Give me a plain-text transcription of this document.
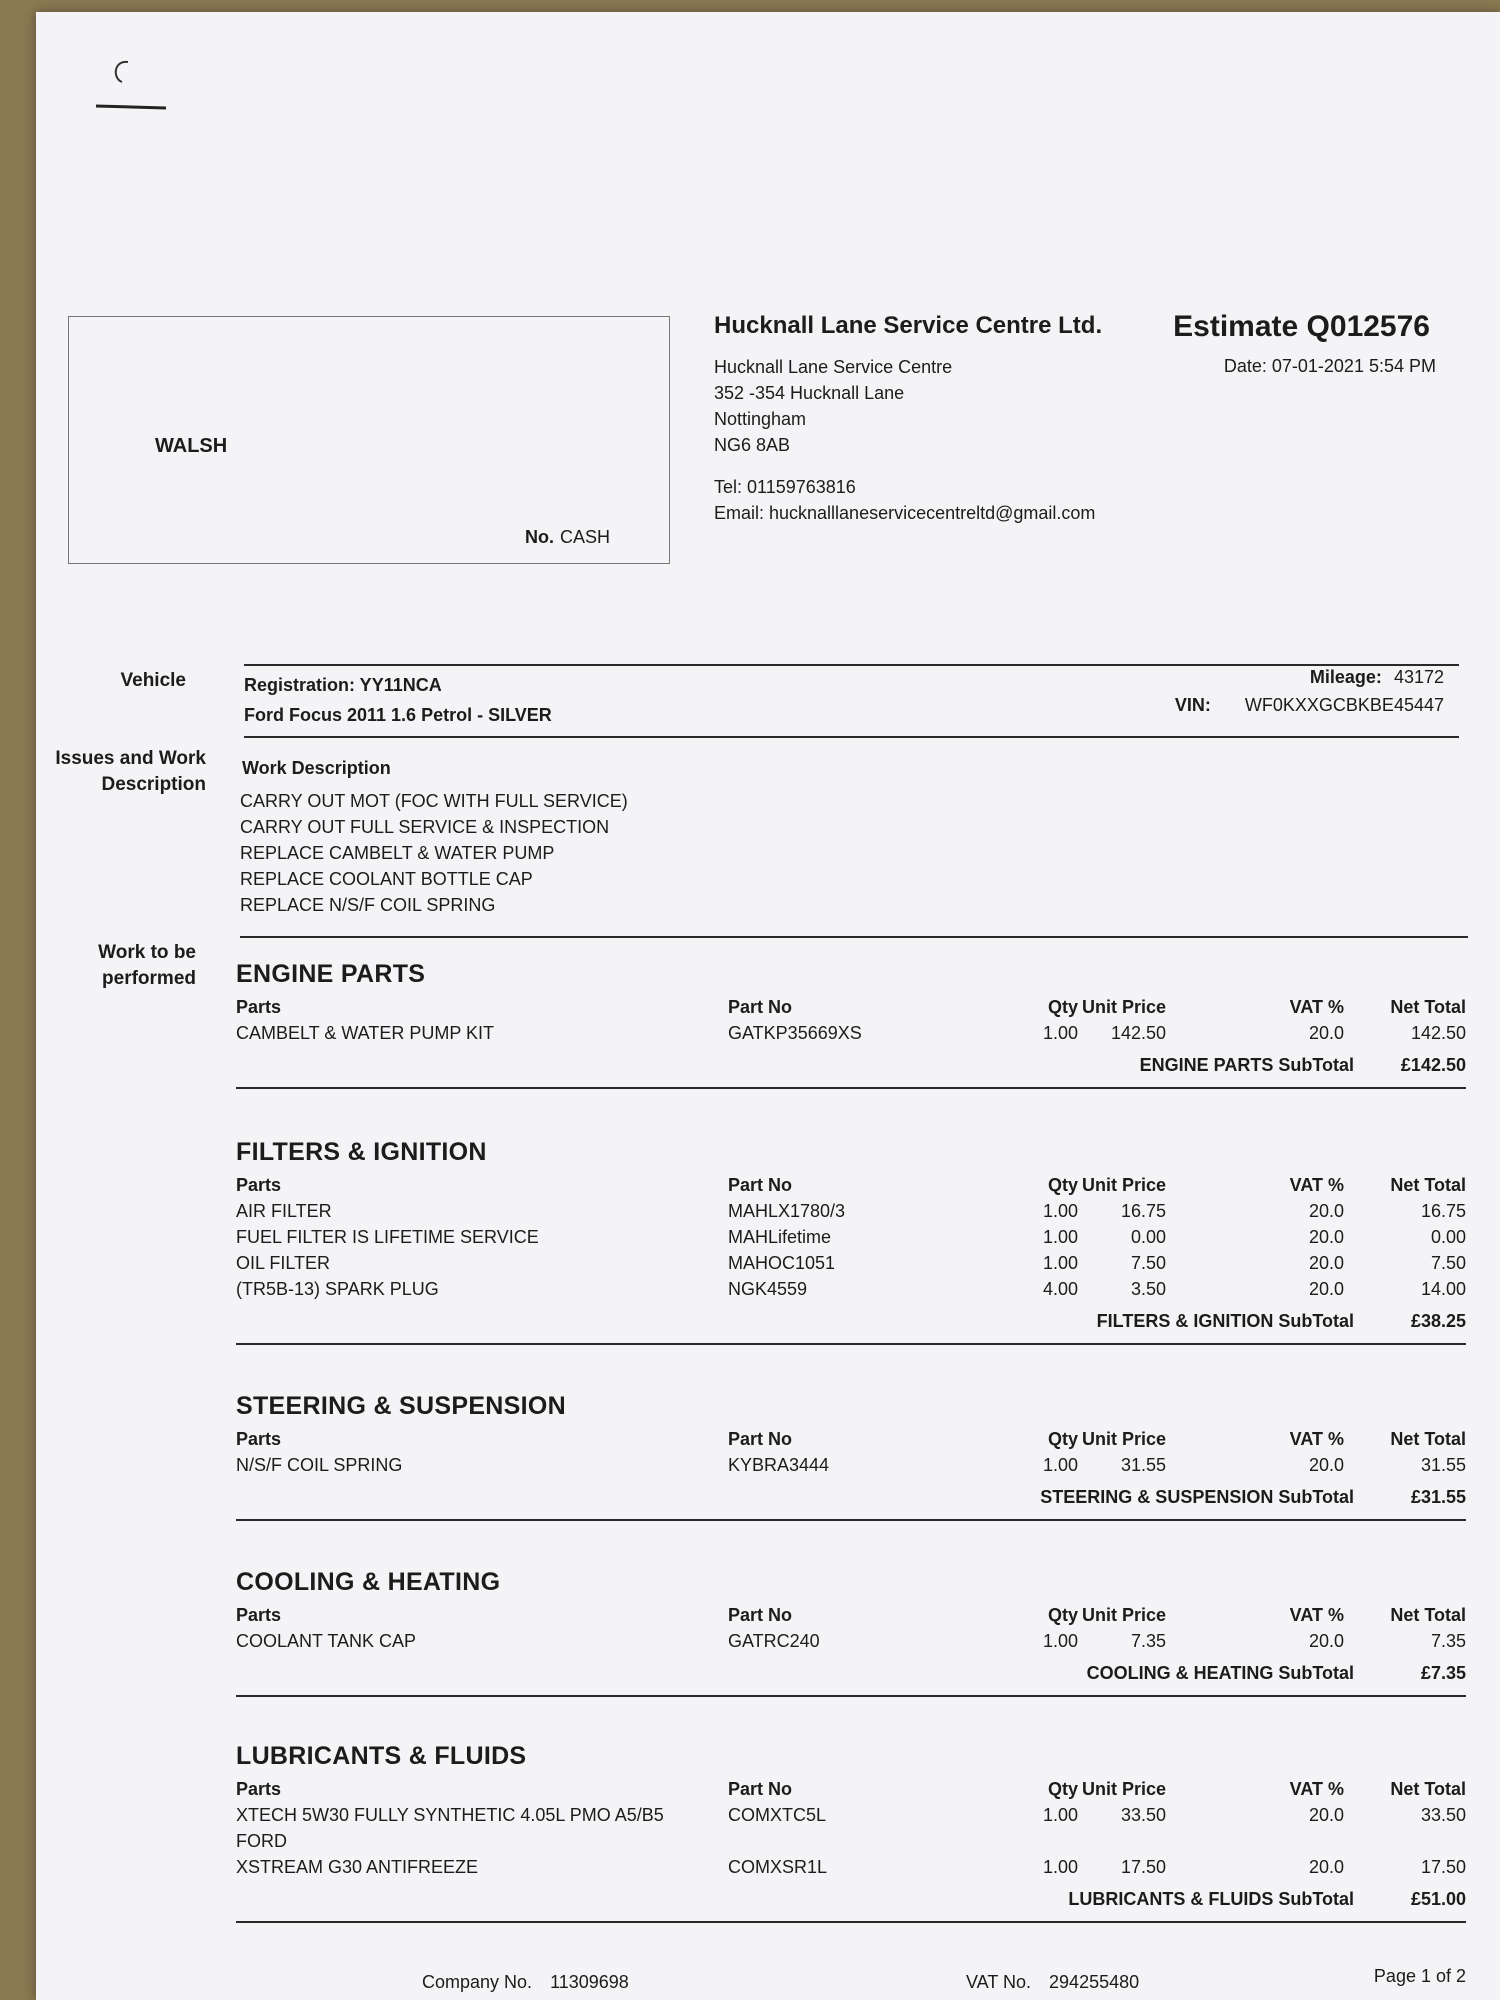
WALSH
No. CASH
Hucknall Lane Service Centre Ltd.
Hucknall Lane Service Centre
352 -354 Hucknall Lane
Nottingham
NG6 8AB
Tel: 01159763816
Email: hucknalllaneservicecentreltd@gmail.com
Estimate Q012576
Date: 07-01-2021 5:54 PM
Vehicle	Registration: YY11NCA
Ford Focus 2011 1.6 Petrol - SILVER
Mileage: 43172
VIN: WF0KXXGCBKBE45447
Issues and Work Description
Work Description
CARRY OUT MOT (FOC WITH FULL SERVICE)
CARRY OUT FULL SERVICE & INSPECTION
REPLACE CAMBELT & WATER PUMP
REPLACE COOLANT BOTTLE CAP
REPLACE N/S/F COIL SPRING
Work to be performed ENGINE PARTS
Parts	Part No	Qty Unit Price	VAT %	Net Total
CAMBELT & WATER PUMP KIT	GATKP35669XS	1.00 142.50	20.0	142.50
ENGINE PARTS SubTotal	£142.50
FILTERS & IGNITION
Parts	Part No	Qty Unit Price	VAT %	Net Total
AIR FILTER	MAHLX1780/3	1.00 16.75	20.0	16.75
FUEL FILTER IS LIFETIME SERVICE	MAHLifetime	1.00	0.00	20.0	0.00
OIL FILTER	MAHOC1051	1.00	7.50	20.0	7.50
(TR5B-13) SPARK PLUG	NGK4559	4.00	3.50	20.0	14.00
FILTERS & IGNITION SubTotal	£38.25
STEERING & SUSPENSION
Parts	Part No	Qty Unit Price	VAT %	Net Total
N/S/F COIL SPRING	KYBRA3444	1.00 31.55	20.0	31.55
STEERING & SUSPENSION SubTotal	£31.55
COOLING & HEATING
Parts	Part No	Qty Unit Price	VAT %	Net Total
COOLANT TANK CAP	GATRC240	1.00	7.35	20.0	7.35
COOLING & HEATING SubTotal	£7.35
LUBRICANTS & FLUIDS
Parts	Part No	Qty Unit Price	VAT %	Net Total
XTECH 5W30 FULLY SYNTHETIC 4.05L PMO A5/B5	COMXTC5L	1.00 33.50	20.0	33.50
FORD
XSTREAM G30 ANTIFREEZE	COMXSR1L	1.00 17.50	20.0	17.50
LUBRICANTS & FLUIDS SubTotal	£51.00
Company No. 11309698	VAT No. 294255480	Page 1 of 2
